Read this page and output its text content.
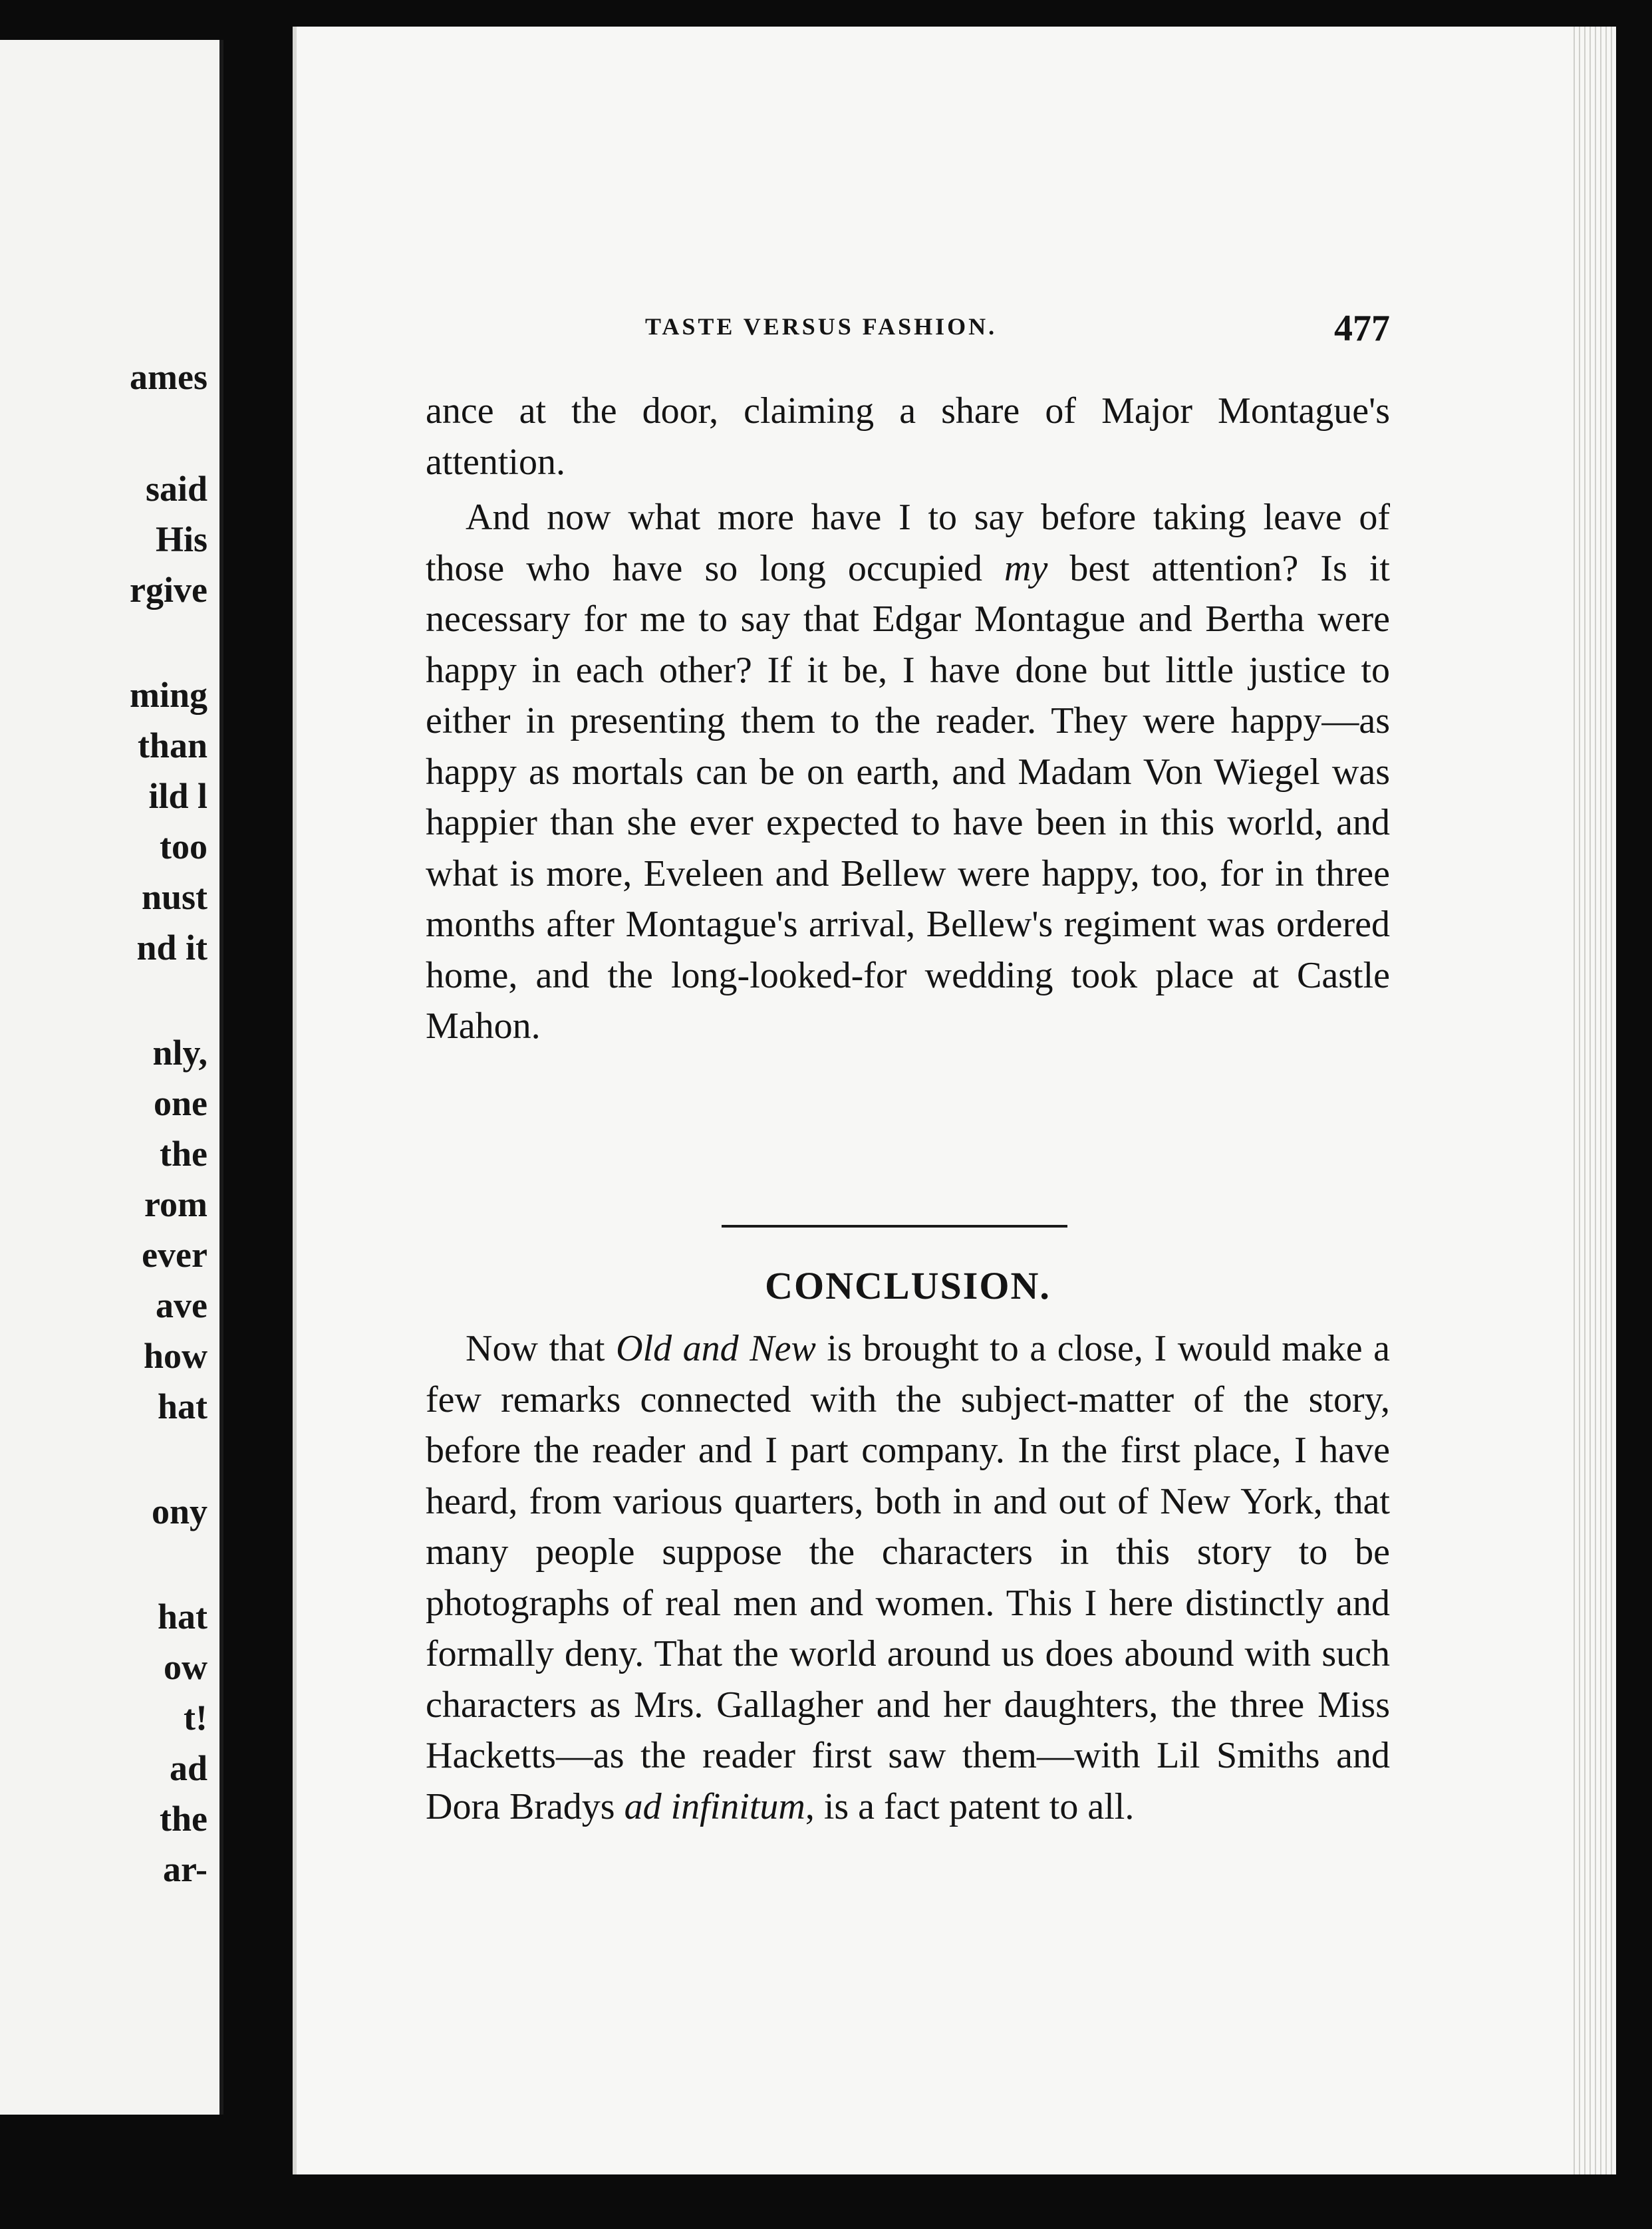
ames
said
His
rgive
ming
than
ild l
too
nust
nd it
nly,
one
the
rom
ever
ave
how
hat
ony
hat
ow
t!
ad
the
ar-
TASTE VERSUS FASHION.	477

ance at the door, claiming a share of Major Montague's attention.

And now what more have I to say before taking leave of those who have so long occupied my best attention? Is it necessary for me to say that Edgar Montague and Bertha were happy in each other? If it be, I have done but little justice to either in presenting them to the reader. They were happy—as happy as mortals can be on earth, and Madam Von Wiegel was happier than she ever expected to have been in this world, and what is more, Eveleen and Bellew were happy, too, for in three months after Montague's arrival, Bellew's regiment was ordered home, and the long-looked-for wedding took place at Castle Mahon.

CONCLUSION.

Now that Old and New is brought to a close, I would make a few remarks connected with the subject-matter of the story, before the reader and I part company. In the first place, I have heard, from various quarters, both in and out of New York, that many people suppose the characters in this story to be photographs of real men and women. This I here distinctly and formally deny. That the world around us does abound with such characters as Mrs. Gallagher and her daughters, the three Miss Hacketts—as the reader first saw them—with Lil Smiths and Dora Bradys ad infinitum, is a fact patent to all.
